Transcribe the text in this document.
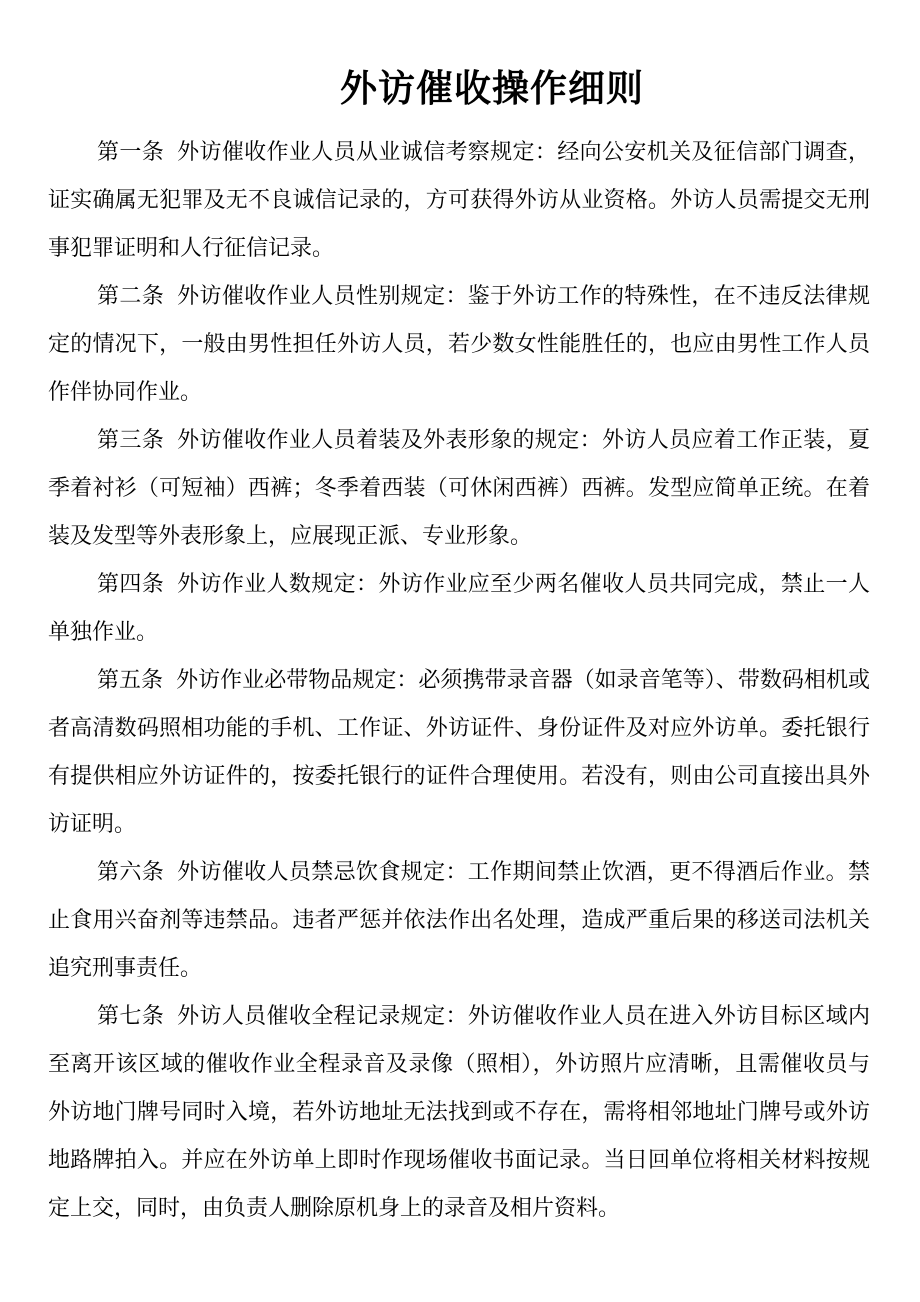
外访催收操作细则

第一条 外访催收作业人员从业诚信考察规定：经向公安机关及征信部门调查，证实确属无犯罪及无不良诚信记录的，方可获得外访从业资格。外访人员需提交无刑事犯罪证明和人行征信记录。

第二条 外访催收作业人员性别规定：鉴于外访工作的特殊性，在不违反法律规定的情况下，一般由男性担任外访人员，若少数女性能胜任的，也应由男性工作人员作伴协同作业。

第三条 外访催收作业人员着装及外表形象的规定：外访人员应着工作正装，夏季着衬衫（可短袖）西裤；冬季着西装（可休闲西裤）西裤。发型应简单正统。在着装及发型等外表形象上，应展现正派、专业形象。

第四条 外访作业人数规定：外访作业应至少两名催收人员共同完成，禁止一人单独作业。

第五条 外访作业必带物品规定：必须携带录音器（如录音笔等）、带数码相机或者高清数码照相功能的手机、工作证、外访证件、身份证件及对应外访单。委托银行有提供相应外访证件的，按委托银行的证件合理使用。若没有，则由公司直接出具外访证明。

第六条 外访催收人员禁忌饮食规定：工作期间禁止饮酒，更不得酒后作业。禁止食用兴奋剂等违禁品。违者严惩并依法作出名处理，造成严重后果的移送司法机关追究刑事责任。

第七条 外访人员催收全程记录规定：外访催收作业人员在进入外访目标区域内至离开该区域的催收作业全程录音及录像（照相），外访照片应清晰，且需催收员与外访地门牌号同时入境，若外访地址无法找到或不存在，需将相邻地址门牌号或外访地路牌拍入。并应在外访单上即时作现场催收书面记录。当日回单位将相关材料按规定上交，同时，由负责人删除原机身上的录音及相片资料。
